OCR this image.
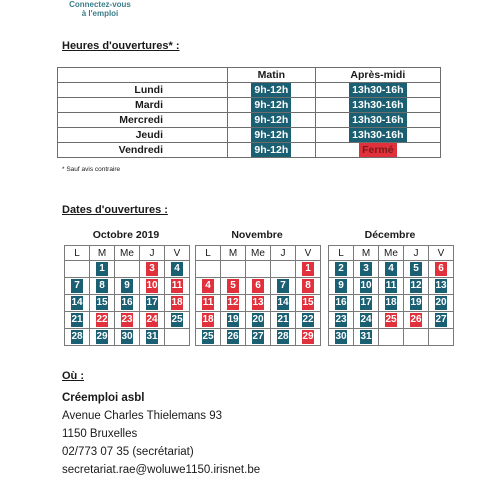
Connectez-vous
à l'emploi
Heures d'ouvertures* :
	Matin	Après-midi
Lundi	9h-12h	13h30-16h
Mardi	9h-12h	13h30-16h
Mercredi	9h-12h	13h30-16h
Jeudi	9h-12h	13h30-16h
Vendredi	9h-12h	Fermé
* Sauf avis contraire
Dates d'ouvertures :
Octobre 2019
L	M	Me	J	V

	1	2	3	4

7	8	9	10	11

14	15	16	17	18

21	22	23	24	25

28	29	30	31	

Novembre
L	M	Me	J	V

				1

4	5	6	7	8

11	12	13	14	15

18	19	20	21	22

25	26	27	28	29
Décembre
L	M	Me	J	V

2	3	4	5	6

9	10	11	12	13

16	17	18	19	20

23	24	25	26	27

30	31			

Où :
Créemploi asbl
Avenue Charles Thielemans 93
1150 Bruxelles
02/773 07 35 (secrétariat)
secretariat.rae@woluwe1150.irisnet.be
